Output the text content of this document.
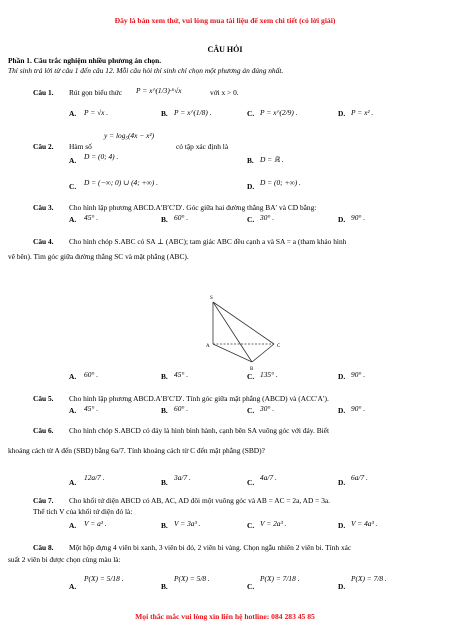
Đây là bản xem thử, vui lòng mua tài liệu để xem chi tiết (có lời giải)
CÂU HỎI
Phần 1. Câu trắc nghiệm nhiều phương án chọn.
Thí sinh trả lời từ câu 1 đến câu 12. Mỗi câu hỏi thí sinh chỉ chọn một phương án đúng nhất.
Câu 1. Rút gọn biểu thức P = x^(1/3)·⁶√x	với x > 0.
A. P = √x .	B. P = x^(1/8) .	C. P = x^(2/9) .	D. P = x² .
Câu 2. Hàm số
y = log₅(4x − x²)
có tập xác định là
A. D = (0; 4) .	B. D = ℝ .
C. D = (−∞; 0) ∪ (4; +∞) .	D. D = (0; +∞) .
Câu 3. Cho hình lập phương ABCD.A′B′C′D′. Góc giữa hai đường thẳng BA′ và CD bằng:
A. 45° .	B. 60° .	C. 30° .	D. 90° .
Câu 4. Cho hình chóp S.ABC có SA ⊥ (ABC); tam giác ABC đều cạnh a và SA = a (tham khảo hình
vẽ bên). Tìm góc giữa đường thẳng SC và mặt phẳng (ABC).
S
A
B
C
A. 60° .	B. 45° .	C. 135° .	D. 90° .
Câu 5. Cho hình lập phương ABCD.A′B′C′D′. Tính góc giữa mặt phẳng (ABCD) và (ACC′A′).
A. 45° .	B. 60° .	C. 30° .	D. 90° .
Câu 6. Cho hình chóp S.ABCD có đáy là hình bình hành, cạnh bên SA vuông góc với đáy. Biết
khoảng cách từ A đến (SBD) bằng 6a/7. Tính khoảng cách từ C đến mặt phẳng (SBD)?
A.
12a/7 .
B.
3a/7 .
C.
4a/7 .
D.
6a/7 .
Câu 7. Cho khối tứ diện ABCD có AB, AC, AD đôi một vuông góc và AB = AC = 2a, AD = 3a.
Thể tích V của khối tứ diện đó là:
A. V = a³ .	B. V = 3a³ .	C. V = 2a³ .	D. V = 4a³ .
Câu 8. Một hộp đựng 4 viên bi xanh, 3 viên bi đỏ, 2 viên bi vàng. Chọn ngẫu nhiên 2 viên bi. Tính xác
suất 2 viên bi được chọn cùng màu là:
A.
P(X) = 5/18 .
B.
P(X) = 5/8 .
C.
P(X) = 7/18 .
D.
P(X) = 7/8 .
Mọi thắc mắc vui lòng xin liên hệ hotline: 084 283 45 85
